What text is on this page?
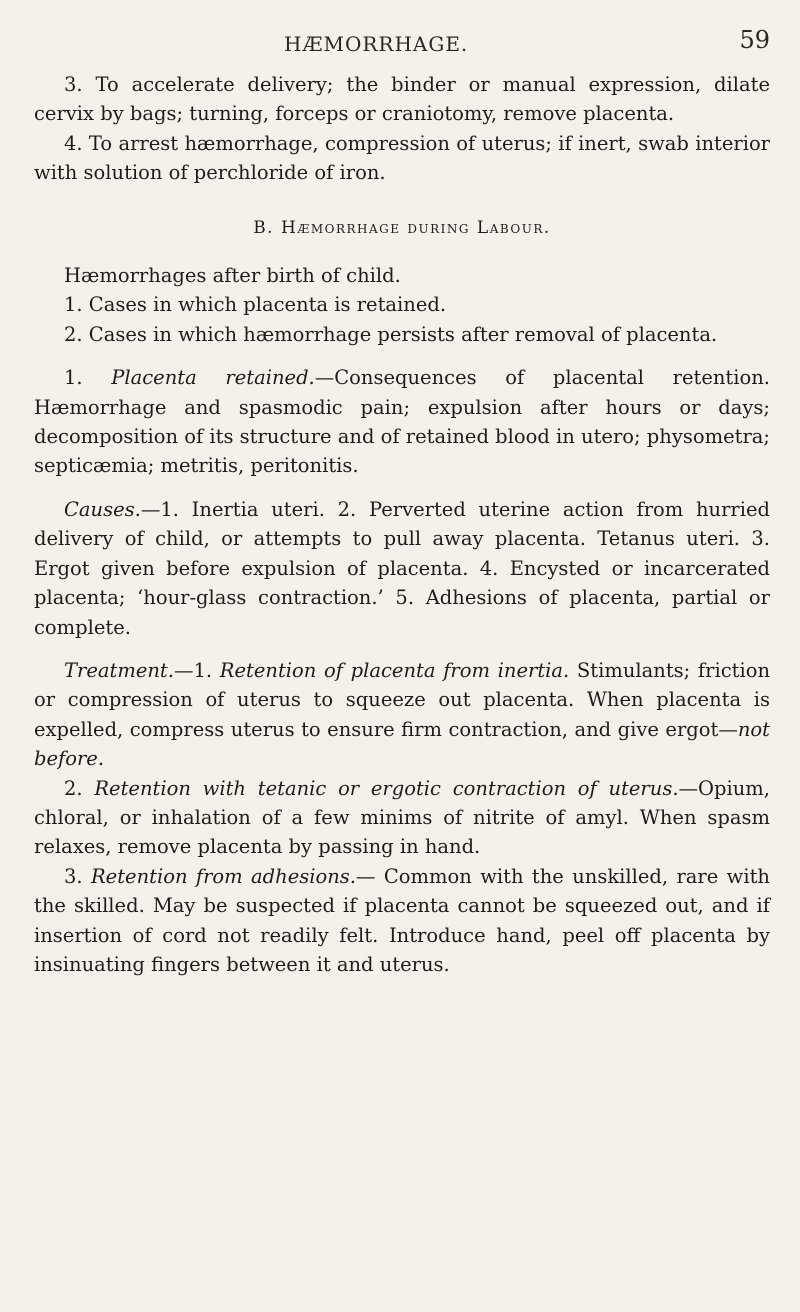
HÆMORRHAGE.	59

3. To accelerate delivery; the binder or manual expression, dilate cervix by bags; turning, forceps or craniotomy, remove placenta.

4. To arrest hæmorrhage, compression of uterus; if inert, swab interior with solution of perchloride of iron.

B. Hæmorrhage during Labour.

Hæmorrhages after birth of child.

1. Cases in which placenta is retained.

2. Cases in which hæmorrhage persists after removal of placenta.

1. Placenta retained.—Consequences of placental retention. Hæmorrhage and spasmodic pain; expulsion after hours or days; decomposition of its structure and of retained blood in utero; physometra; septicæmia; metritis, peritonitis.

Causes.—1. Inertia uteri. 2. Perverted uterine action from hurried delivery of child, or attempts to pull away placenta. Tetanus uteri. 3. Ergot given before expulsion of placenta. 4. Encysted or incarcerated placenta; ‘hour-glass contraction.’ 5. Adhesions of placenta, partial or complete.

Treatment.—1. Retention of placenta from inertia. Stimulants; friction or compression of uterus to squeeze out placenta. When placenta is expelled, compress uterus to ensure firm contraction, and give ergot—not before.

2. Retention with tetanic or ergotic contraction of uterus.—Opium, chloral, or inhalation of a few minims of nitrite of amyl. When spasm relaxes, remove placenta by passing in hand.

3. Retention from adhesions.— Common with the unskilled, rare with the skilled. May be suspected if placenta cannot be squeezed out, and if insertion of cord not readily felt. Introduce hand, peel off placenta by insinuating fingers between it and uterus.
